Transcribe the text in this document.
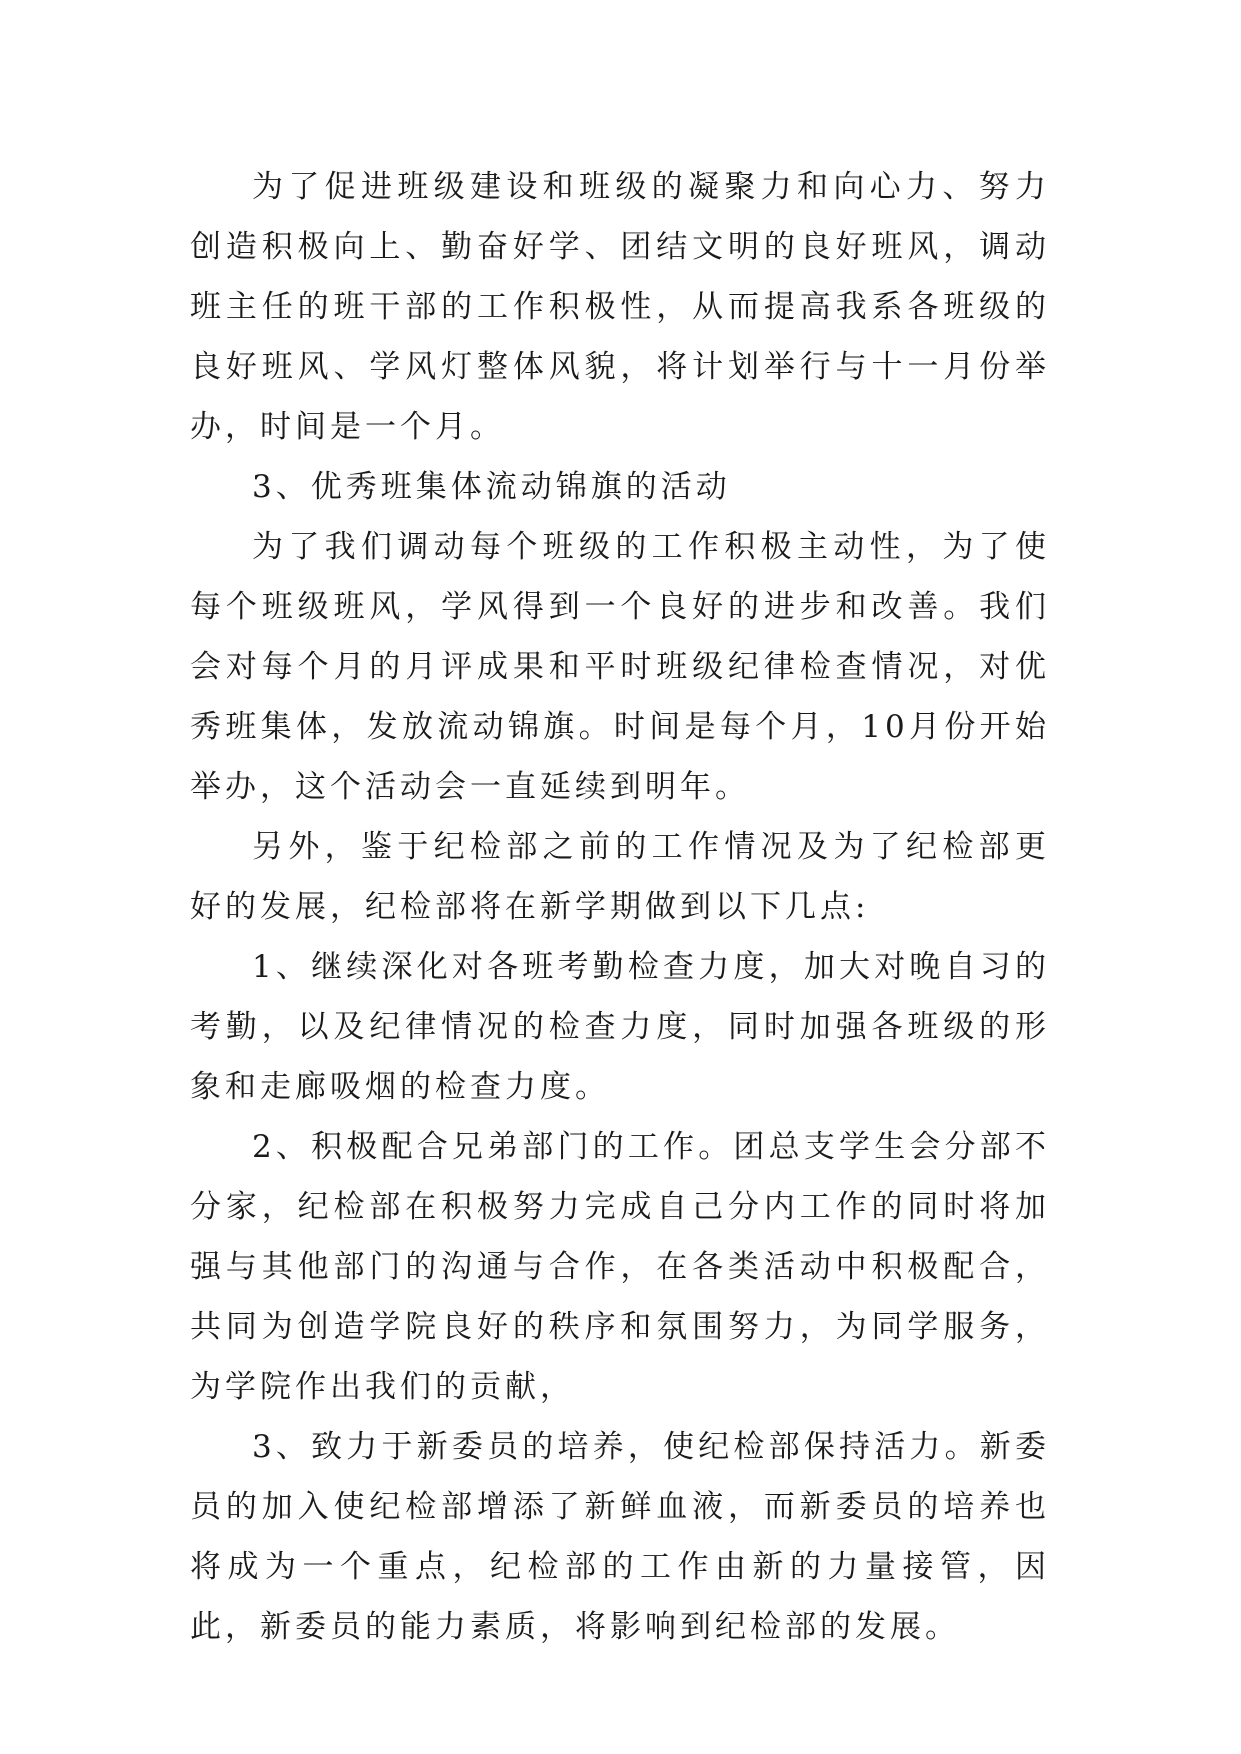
为了促进班级建设和班级的凝聚力和向心力、努力创造积极向上、勤奋好学、团结文明的良好班风，调动班主任的班干部的工作积极性，从而提高我系各班级的良好班风、学风灯整体风貌，将计划举行与十一月份举办，时间是一个月。

3、优秀班集体流动锦旗的活动

为了我们调动每个班级的工作积极主动性，为了使每个班级班风，学风得到一个良好的进步和改善。我们会对每个月的月评成果和平时班级纪律检查情况，对优秀班集体，发放流动锦旗。时间是每个月，10月份开始举办，这个活动会一直延续到明年。

另外，鉴于纪检部之前的工作情况及为了纪检部更好的发展，纪检部将在新学期做到以下几点:

1、继续深化对各班考勤检查力度，加大对晚自习的考勤，以及纪律情况的检查力度，同时加强各班级的形象和走廊吸烟的检查力度。

2、积极配合兄弟部门的工作。团总支学生会分部不分家，纪检部在积极努力完成自己分内工作的同时将加强与其他部门的沟通与合作，在各类活动中积极配合，共同为创造学院良好的秩序和氛围努力，为同学服务，为学院作出我们的贡献，

3、致力于新委员的培养，使纪检部保持活力。新委员的加入使纪检部增添了新鲜血液，而新委员的培养也将成为一个重点，纪检部的工作由新的力量接管，因此，新委员的能力素质，将影响到纪检部的发展。
